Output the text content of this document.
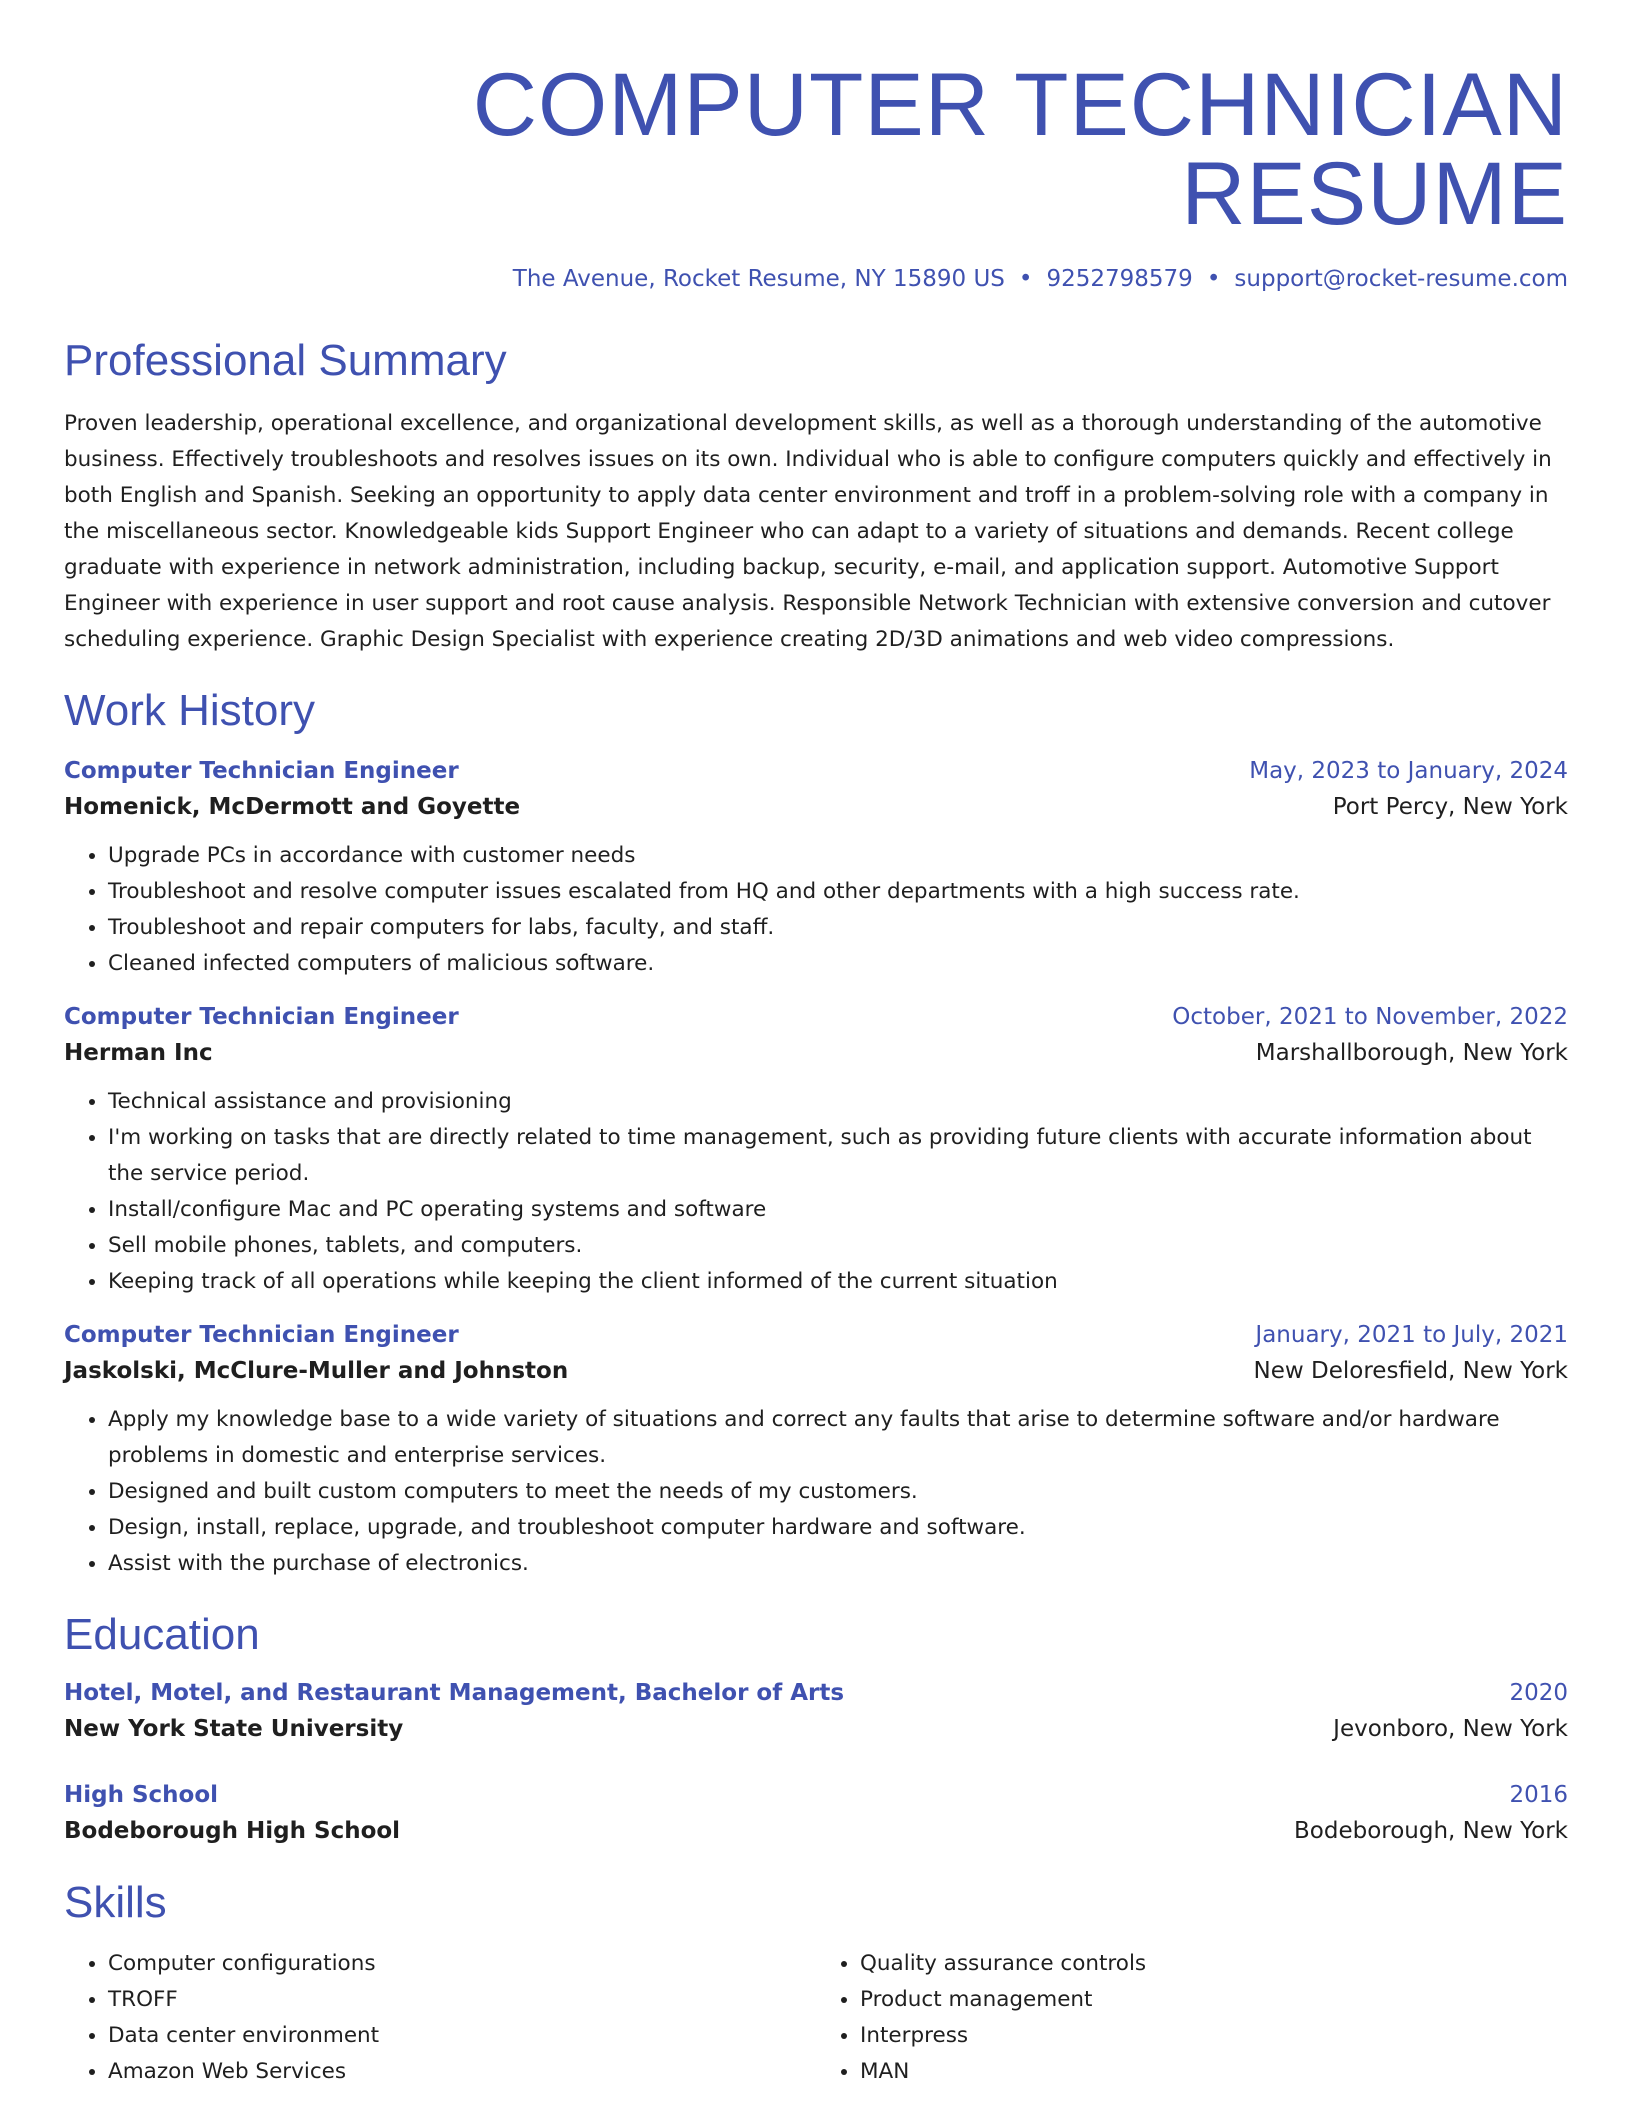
COMPUTER TECHNICIAN RESUME
The Avenue, Rocket Resume, NY 15890 US • 9252798579 • support@rocket-resume.com
Professional Summary
Proven leadership, operational excellence, and organizational development skills, as well as a thorough understanding of the automotive business. Effectively troubleshoots and resolves issues on its own. Individual who is able to configure computers quickly and effectively in both English and Spanish. Seeking an opportunity to apply data center environment and troff in a problem-solving role with a company in the miscellaneous sector. Knowledgeable kids Support Engineer who can adapt to a variety of situations and demands. Recent college graduate with experience in network administration, including backup, security, e-mail, and application support. Automotive Support Engineer with experience in user support and root cause analysis. Responsible Network Technician with extensive conversion and cutover scheduling experience. Graphic Design Specialist with experience creating 2D/3D animations and web video compressions.
Work History
Computer Technician Engineer	May, 2023 to January, 2024
Homenick, McDermott and Goyette	Port Percy, New York
• Upgrade PCs in accordance with customer needs
• Troubleshoot and resolve computer issues escalated from HQ and other departments with a high success rate.
• Troubleshoot and repair computers for labs, faculty, and staff.
• Cleaned infected computers of malicious software.
Computer Technician Engineer	October, 2021 to November, 2022
Herman Inc	Marshallborough, New York
• Technical assistance and provisioning
• I'm working on tasks that are directly related to time management, such as providing future clients with accurate information about the service period.
• Install/configure Mac and PC operating systems and software
• Sell mobile phones, tablets, and computers.
• Keeping track of all operations while keeping the client informed of the current situation
Computer Technician Engineer	January, 2021 to July, 2021
Jaskolski, McClure-Muller and Johnston	New Deloresfield, New York
• Apply my knowledge base to a wide variety of situations and correct any faults that arise to determine software and/or hardware problems in domestic and enterprise services.
• Designed and built custom computers to meet the needs of my customers.
• Design, install, replace, upgrade, and troubleshoot computer hardware and software.
• Assist with the purchase of electronics.
Education
Hotel, Motel, and Restaurant Management, Bachelor of Arts	2020
New York State University	Jevonboro, New York
High School	2016
Bodeborough High School	Bodeborough, New York
Skills
• Computer configurations
• TROFF
• Data center environment
• Amazon Web Services
• Quality assurance controls
• Product management
• Interpress
• MAN
